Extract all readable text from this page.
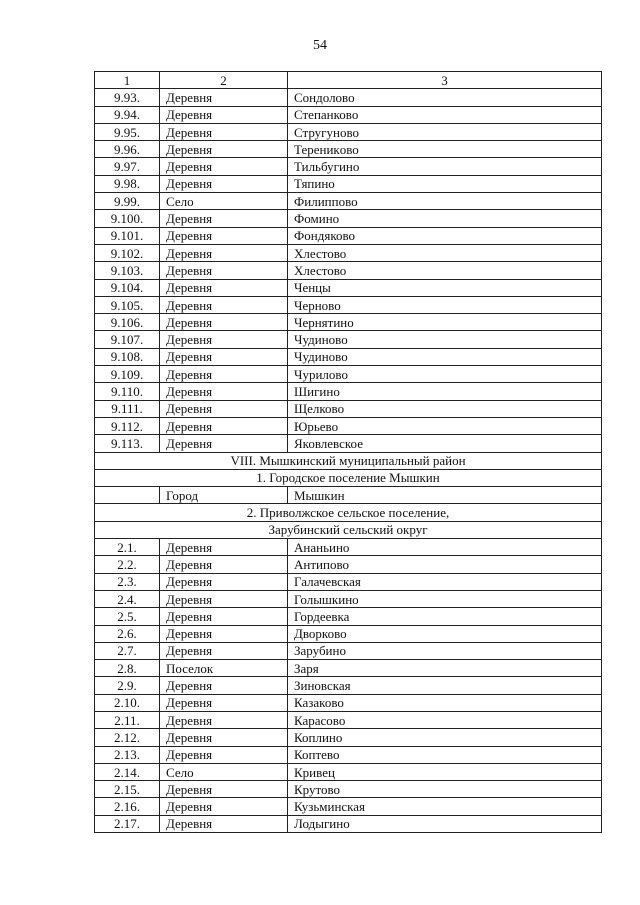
54
1	2	3
9.93.	Деревня	Сондолово
9.94.	Деревня	Степанково
9.95.	Деревня	Стругуново
9.96.	Деревня	Тереникoво
9.97.	Деревня	Тильбугино
9.98.	Деревня	Тяпино
9.99.	Село	Филиппово
9.100.	Деревня	Фомино
9.101.	Деревня	Фондяково
9.102.	Деревня	Хлестово
9.103.	Деревня	Хлестово
9.104.	Деревня	Ченцы
9.105.	Деревня	Черново
9.106.	Деревня	Чернятино
9.107.	Деревня	Чудиново
9.108.	Деревня	Чудиново
9.109.	Деревня	Чурилово
9.110.	Деревня	Шигино
9.111.	Деревня	Щелково
9.112.	Деревня	Юрьево
9.113.	Деревня	Яковлевское
VIII. Мышкинский муниципальный район		
1. Городское поселение Мышкин		
	Город	Мышкин
2. Приволжское сельское поселение,		
Зарубинский сельский округ		
2.1.	Деревня	Ананьино
2.2.	Деревня	Антипово
2.3.	Деревня	Галачевская
2.4.	Деревня	Голышкино
2.5.	Деревня	Гордеевка
2.6.	Деревня	Дворково
2.7.	Деревня	Зарубино
2.8.	Поселок	Заря
2.9.	Деревня	Зиновская
2.10.	Деревня	Казаково
2.11.	Деревня	Карасово
2.12.	Деревня	Коплино
2.13.	Деревня	Коптево
2.14.	Село	Кривец
2.15.	Деревня	Крутово
2.16.	Деревня	Кузьминская
2.17.	Деревня	Лодыгино
